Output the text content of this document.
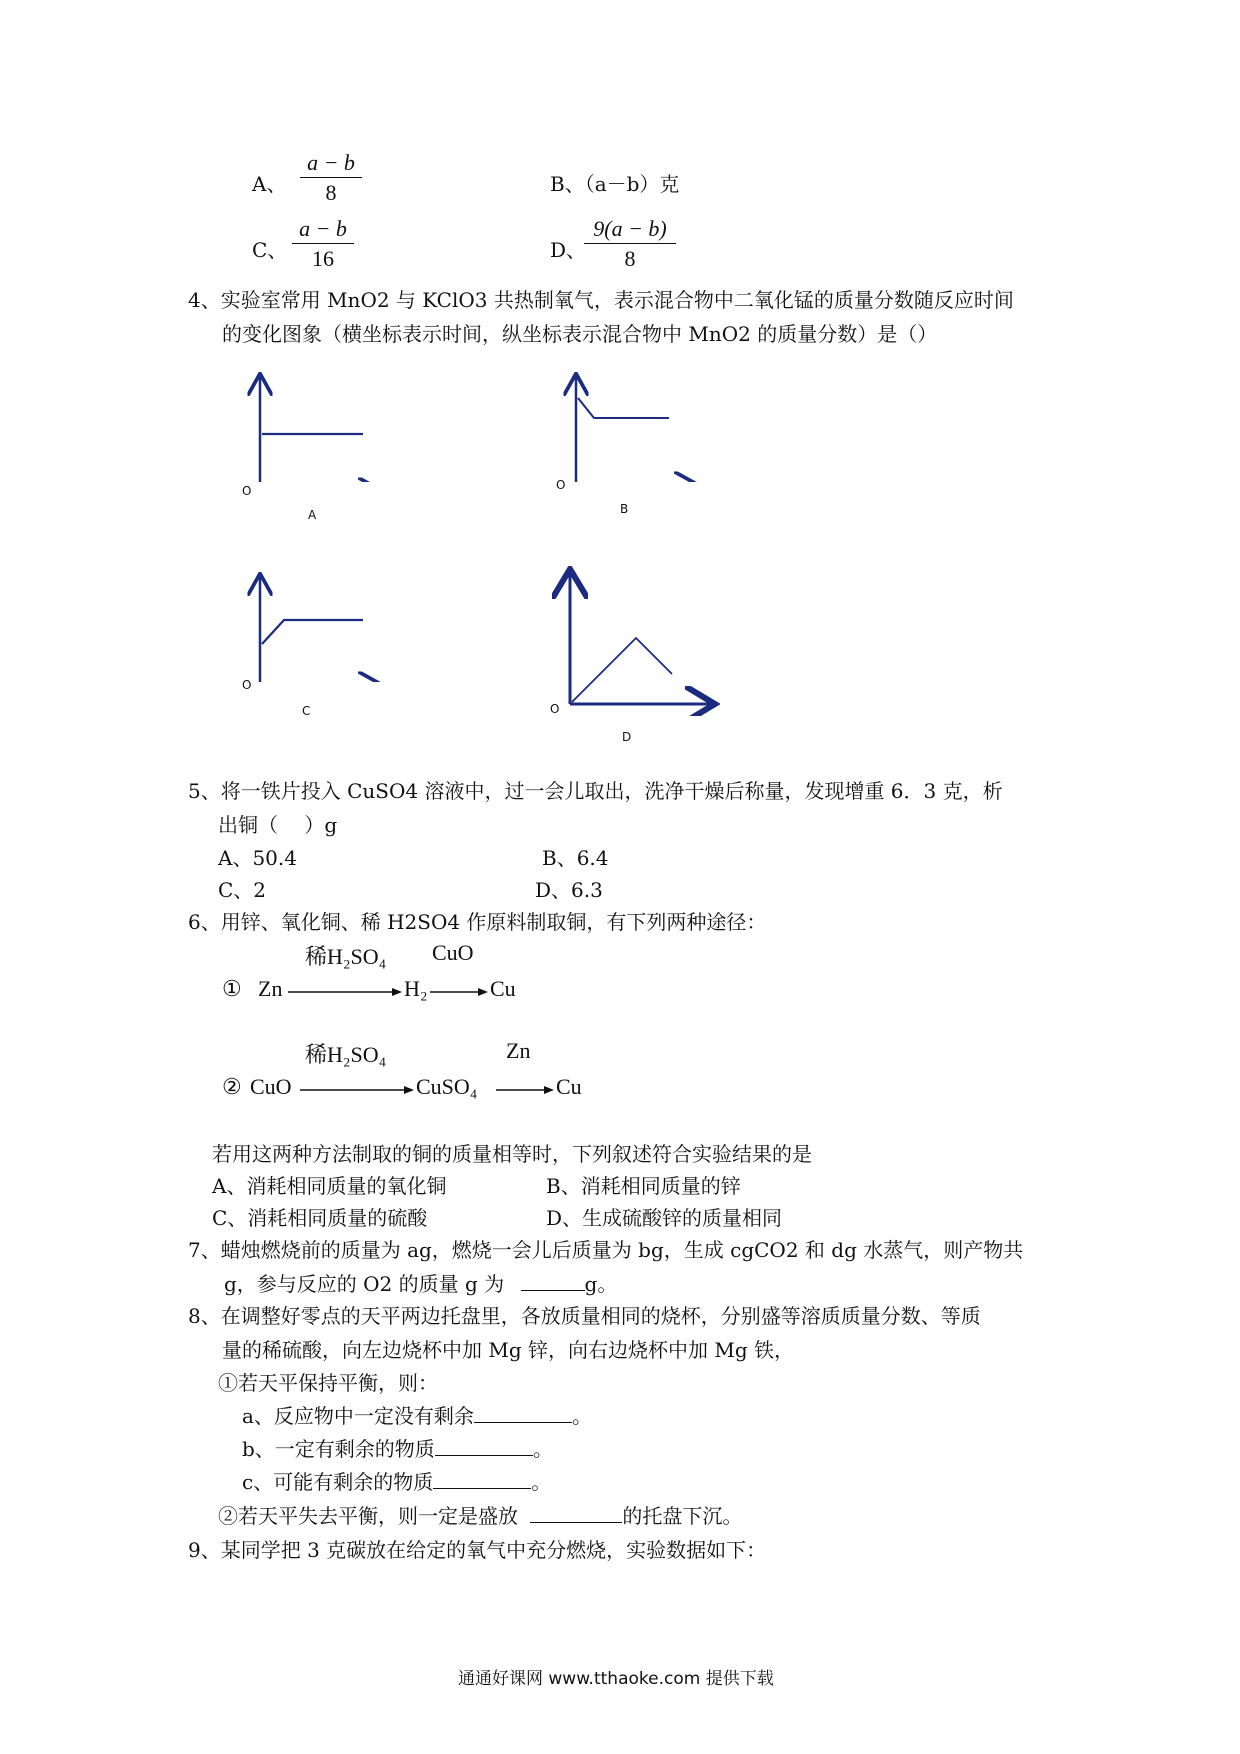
A、
a − b
8	B、（a－b）克
C、
a − b
16	D、
9(a − b)
8
4、实验室常用 MnO2 与 KClO3 共热制氧气，表示混合物中二氧化锰的质量分数随反应时间
的变化图象（横坐标表示时间，纵坐标表示混合物中 MnO2 的质量分数）是（）
O
A
O
B
O
C	O
D
5、将一铁片投入 CuSO4 溶液中，过一会儿取出，洗净干燥后称量，发现增重 6．3 克，析
出铜（　 ）g
A、50.4	B、6.4
C、2	D、6.3
6、用锌、氧化铜、稀 H2SO4 作原料制取铜，有下列两种途径：
稀H₂SO₄ CuO
① Zn	H₂	Cu
稀H₂SO₄	Zn
② CuO	CuSO₄	Cu
若用这两种方法制取的铜的质量相等时，下列叙述符合实验结果的是
A、消耗相同质量的氧化铜	B、消耗相同质量的锌
C、消耗相同质量的硫酸	D、生成硫酸锌的质量相同
7、蜡烛燃烧前的质量为 ag，燃烧一会儿后质量为 bg，生成 cgCO2 和 dg 水蒸气，则产物共
g，参与反应的 O2 的质量 g 为	g。
8、在调整好零点的天平两边托盘里，各放质量相同的烧杯，分别盛等溶质质量分数、等质
量的稀硫酸，向左边烧杯中加 Mg 锌，向右边烧杯中加 Mg 铁，
①若天平保持平衡，则：
a、反应物中一定没有剩余	。
b、一定有剩余的物质	。
c、可能有剩余的物质	。
②若天平失去平衡，则一定是盛放	的托盘下沉。
9、某同学把 3 克碳放在给定的氧气中充分燃烧，实验数据如下：
通通好课网 www.tthaoke.com 提供下载
